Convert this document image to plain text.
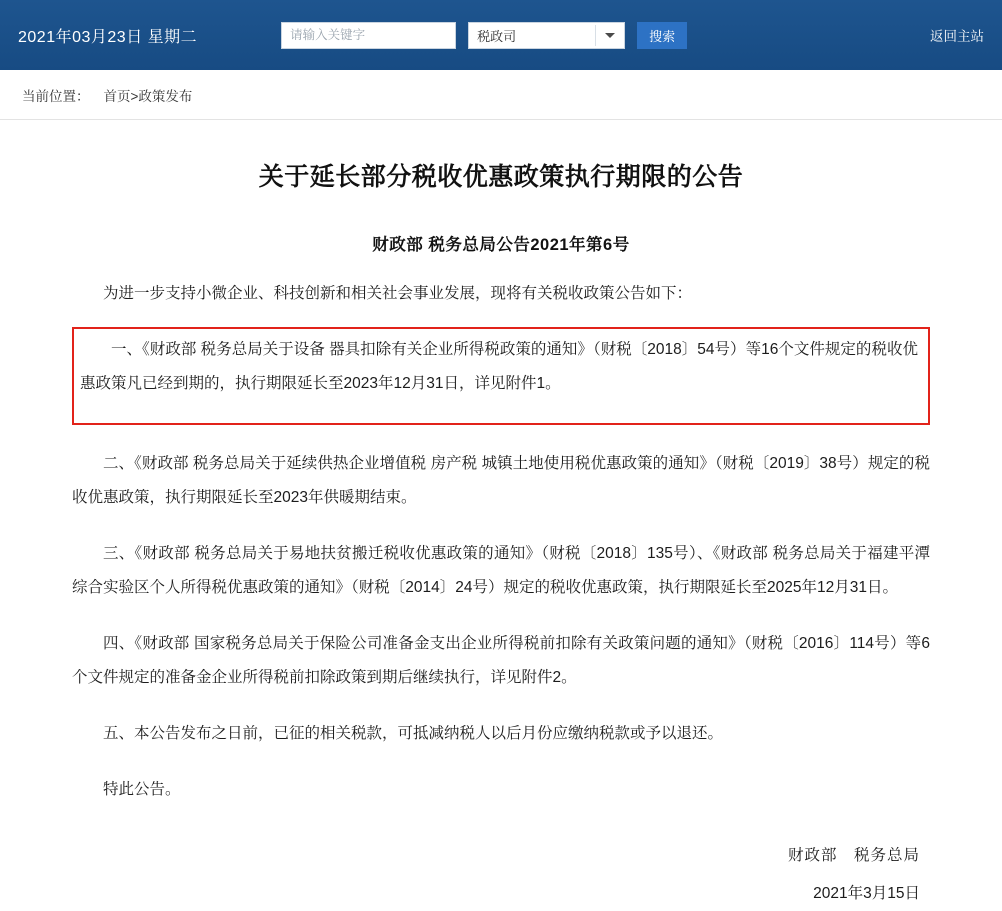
2021年03月23日 星期二
请输入关键字	税政司	搜索	返回主站
当前位置： 首页>政策发布
关于延长部分税收优惠政策执行期限的公告
财政部 税务总局公告2021年第6号

为进一步支持小微企业、科技创新和相关社会事业发展，现将有关税收政策公告如下：

一、《财政部 税务总局关于设备 器具扣除有关企业所得税政策的通知》（财税〔2018〕54号）等16个文件规定的税收优惠政策凡已经到期的，执行期限延长至2023年12月31日，详见附件1。

二、《财政部 税务总局关于延续供热企业增值税 房产税 城镇土地使用税优惠政策的通知》（财税〔2019〕38号）规定的税收优惠政策，执行期限延长至2023年供暖期结束。

三、《财政部 税务总局关于易地扶贫搬迁税收优惠政策的通知》（财税〔2018〕135号）、《财政部 税务总局关于福建平潭综合实验区个人所得税优惠政策的通知》（财税〔2014〕24号）规定的税收优惠政策，执行期限延长至2025年12月31日。

四、《财政部 国家税务总局关于保险公司准备金支出企业所得税前扣除有关政策问题的通知》（财税〔2016〕114号）等6个文件规定的准备金企业所得税前扣除政策到期后继续执行，详见附件2。

五、本公告发布之日前，已征的相关税款，可抵减纳税人以后月份应缴纳税款或予以退还。

特此公告。

财政部　税务总局
2021年3月15日
